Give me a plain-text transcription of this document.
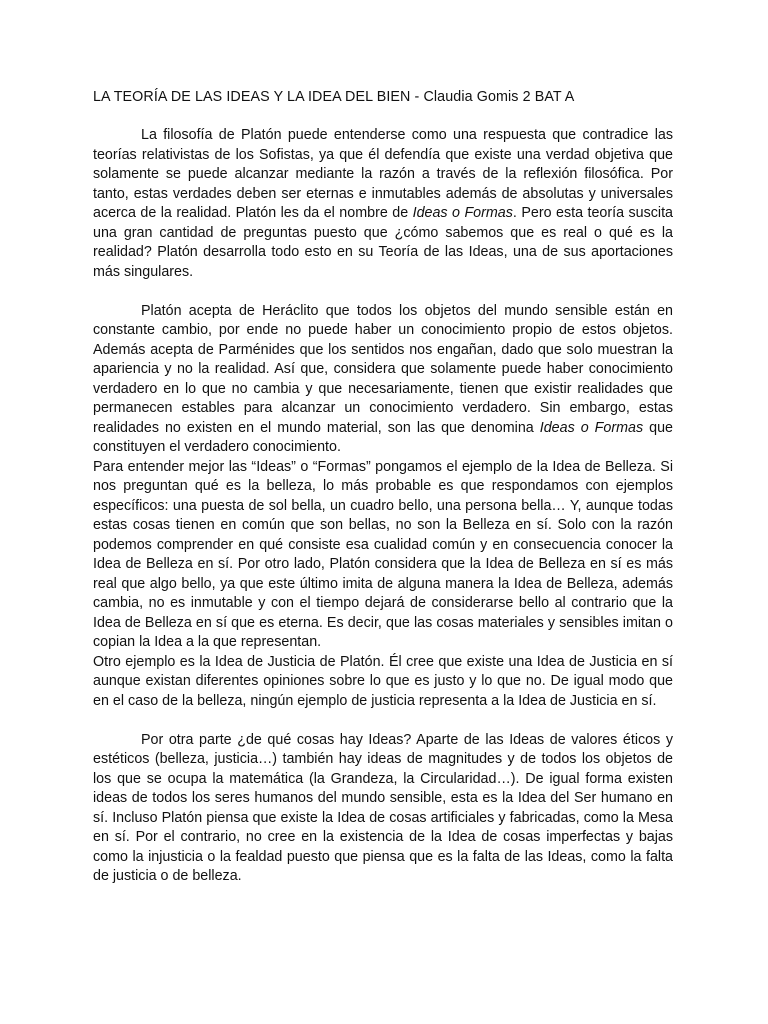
LA TEORÍA DE LAS IDEAS Y LA IDEA DEL BIEN - Claudia Gomis 2 BAT A

La filosofía de Platón puede entenderse como una respuesta que contradice las teorías relativistas de los Sofistas, ya que él defendía que existe una verdad objetiva que solamente se puede alcanzar mediante la razón a través de la reflexión filosófica. Por tanto, estas verdades deben ser eternas e inmutables además de absolutas y universales acerca de la realidad. Platón les da el nombre de Ideas o Formas. Pero esta teoría suscita una gran cantidad de preguntas puesto que ¿cómo sabemos que es real o qué es la realidad? Platón desarrolla todo esto en su Teoría de las Ideas, una de sus aportaciones más singulares.

Platón acepta de Heráclito que todos los objetos del mundo sensible están en constante cambio, por ende no puede haber un conocimiento propio de estos objetos. Además acepta de Parménides que los sentidos nos engañan, dado que solo muestran la apariencia y no la realidad. Así que, considera que solamente puede haber conocimiento verdadero en lo que no cambia y que necesariamente, tienen que existir realidades que permanecen estables para alcanzar un conocimiento verdadero. Sin embargo, estas realidades no existen en el mundo material, son las que denomina Ideas o Formas que constituyen el verdadero conocimiento.

Para entender mejor las “Ideas” o “Formas” pongamos el ejemplo de la Idea de Belleza. Si nos preguntan qué es la belleza, lo más probable es que respondamos con ejemplos específicos: una puesta de sol bella, un cuadro bello, una persona bella… Y, aunque todas estas cosas tienen en común que son bellas, no son la Belleza en sí. Solo con la razón podemos comprender en qué consiste esa cualidad común y en consecuencia conocer la Idea de Belleza en sí. Por otro lado, Platón considera que la Idea de Belleza en sí es más real que algo bello, ya que este último imita de alguna manera la Idea de Belleza, además cambia, no es inmutable y con el tiempo dejará de considerarse bello al contrario que la Idea de Belleza en sí que es eterna. Es decir, que las cosas materiales y sensibles imitan o copian la Idea a la que representan.

Otro ejemplo es la Idea de Justicia de Platón. Él cree que existe una Idea de Justicia en sí aunque existan diferentes opiniones sobre lo que es justo y lo que no. De igual modo que en el caso de la belleza, ningún ejemplo de justicia representa a la Idea de Justicia en sí.

Por otra parte ¿de qué cosas hay Ideas? Aparte de las Ideas de valores éticos y estéticos (belleza, justicia…) también hay ideas de magnitudes y de todos los objetos de los que se ocupa la matemática (la Grandeza, la Circularidad…). De igual forma existen ideas de todos los seres humanos del mundo sensible, esta es la Idea del Ser humano en sí. Incluso Platón piensa que existe la Idea de cosas artificiales y fabricadas, como la Mesa en sí. Por el contrario, no cree en la existencia de la Idea de cosas imperfectas y bajas como la injusticia o la fealdad puesto que piensa que es la falta de las Ideas, como la falta de justicia o de belleza.
